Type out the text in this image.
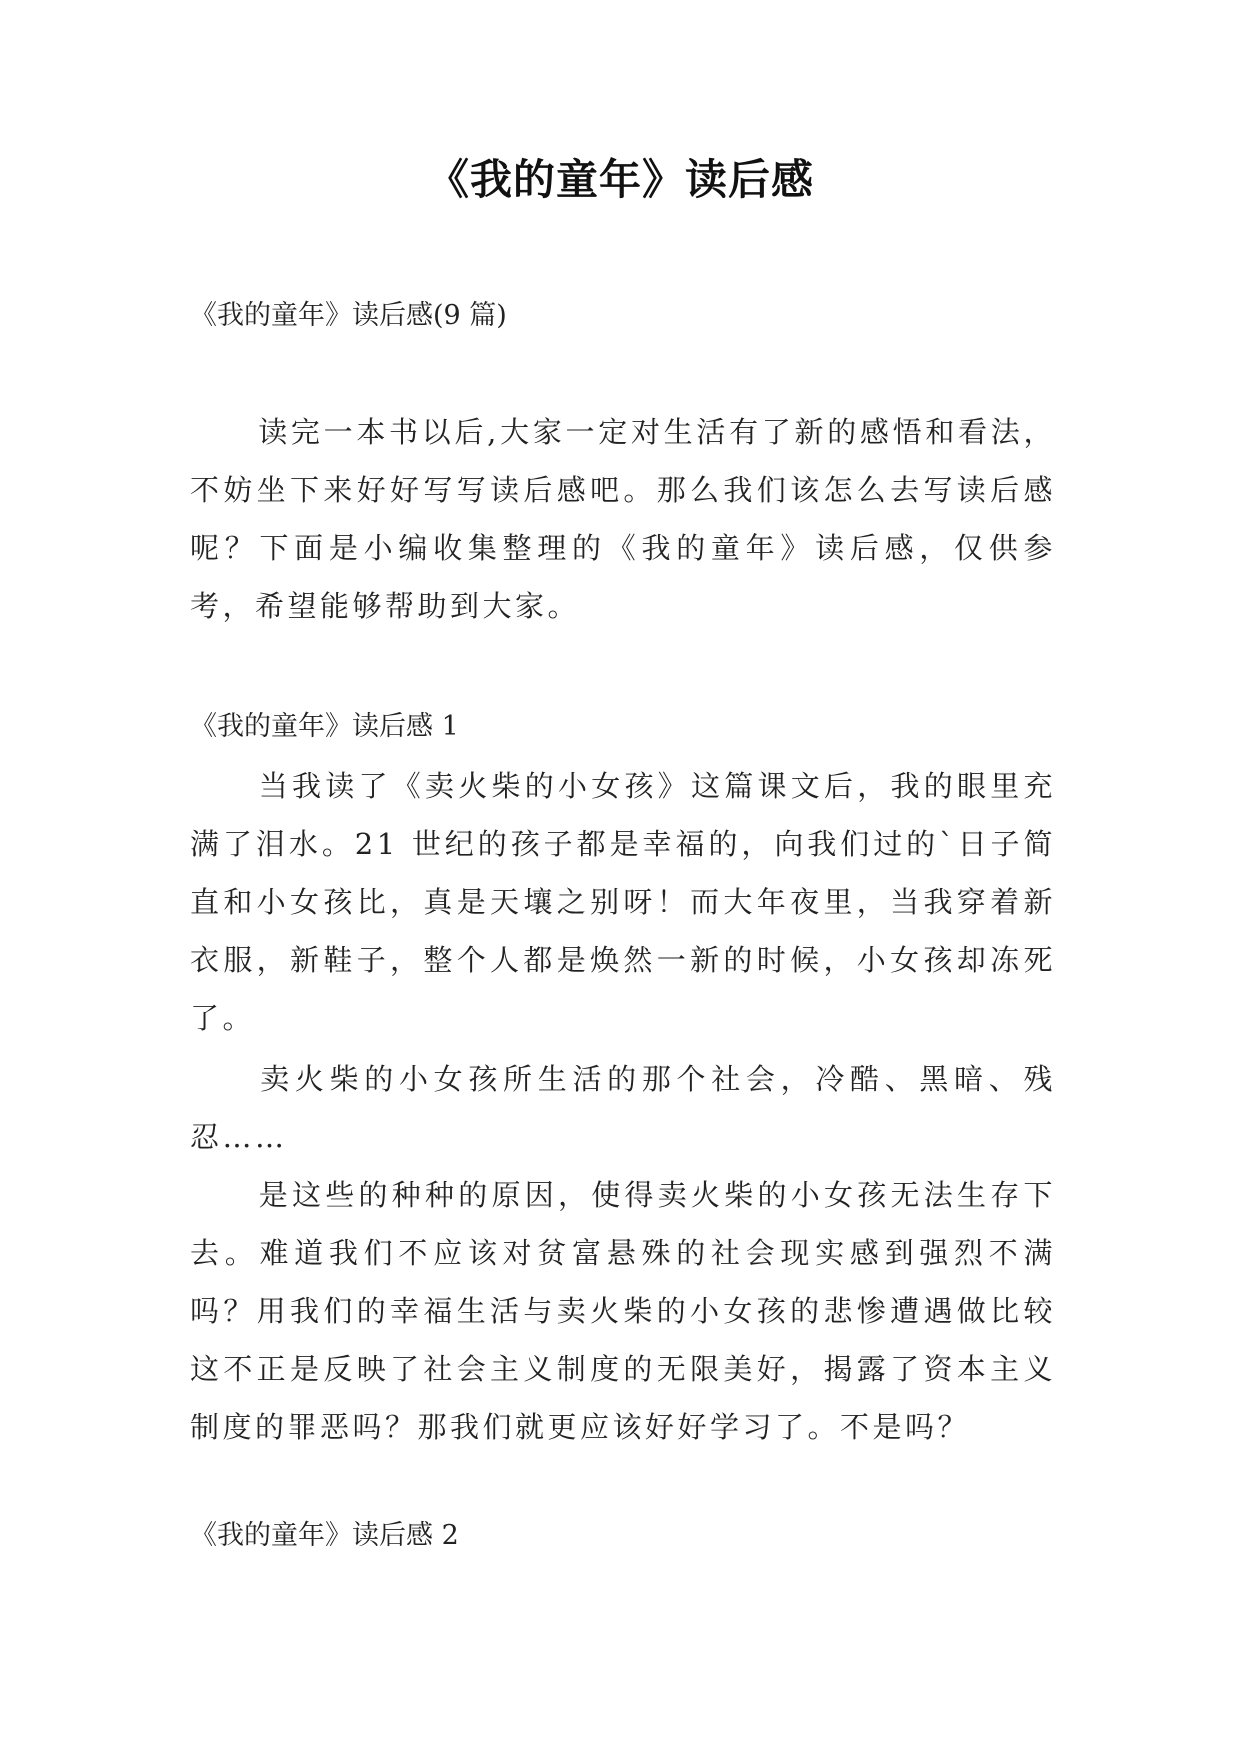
《我的童年》读后感
《我的童年》读后感(9 篇)
读完一本书以后,大家一定对生活有了新的感悟和看法，不妨坐下来好好写写读后感吧。那么我们该怎么去写读后感呢？下面是小编收集整理的《我的童年》读后感，仅供参考，希望能够帮助到大家。
《我的童年》读后感 1
当我读了《卖火柴的小女孩》这篇课文后，我的眼里充满了泪水。21 世纪的孩子都是幸福的，向我们过的`日子简直和小女孩比，真是天壤之别呀！而大年夜里，当我穿着新衣服，新鞋子，整个人都是焕然一新的时候，小女孩却冻死了。
卖火柴的小女孩所生活的那个社会，冷酷、黑暗、残忍……
是这些的种种的原因，使得卖火柴的小女孩无法生存下去。难道我们不应该对贫富悬殊的社会现实感到强烈不满吗？用我们的幸福生活与卖火柴的小女孩的悲惨遭遇做比较这不正是反映了社会主义制度的无限美好，揭露了资本主义制度的罪恶吗？那我们就更应该好好学习了。不是吗？
《我的童年》读后感 2
